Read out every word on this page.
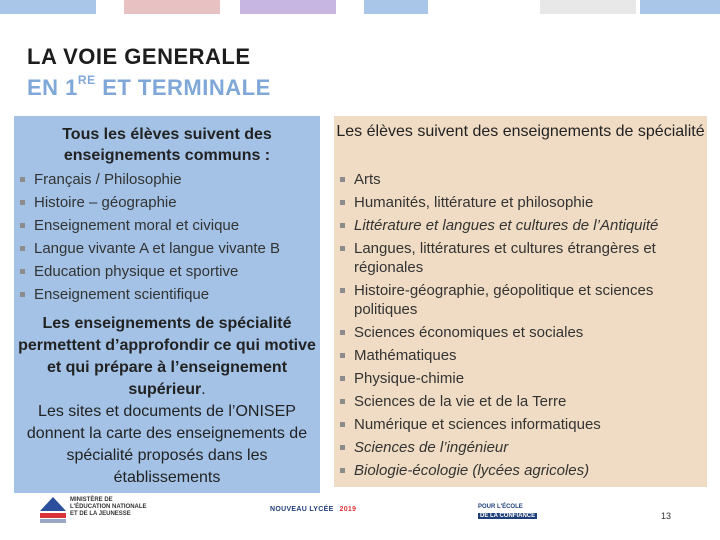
LA VOIE GENERALE
EN 1RE ET TERMINALE
Tous les élèves suivent des enseignements communs :
Les élèves suivent des enseignements de spécialité
Français / Philosophie
Histoire – géographie
Enseignement moral et civique
Langue vivante A et langue vivante B
Education physique et sportive
Enseignement scientifique
Les enseignements de spécialité permettent d’approfondir ce qui motive et qui prépare à l’enseignement supérieur.
Les sites et documents de l’ONISEP donnent la carte des enseignements de spécialité proposés dans les établissements
Arts
Humanités, littérature et philosophie
Littérature et langues et cultures de l’Antiquité
Langues, littératures et cultures étrangères et régionales
Histoire-géographie, géopolitique et sciences politiques
Sciences économiques et sociales
Mathématiques
Physique-chimie
Sciences de la vie et de la Terre
Numérique et sciences informatiques
Sciences de l’ingénieur
Biologie-écologie (lycées agricoles)
MINISTÈRE DE L'ÉDUCATION NATIONALE ET DE LA JEUNESSE
NOUVEAU LYCÉE 2019	POUR L'ÉCOLE
DE LA CONFIANCE	13
